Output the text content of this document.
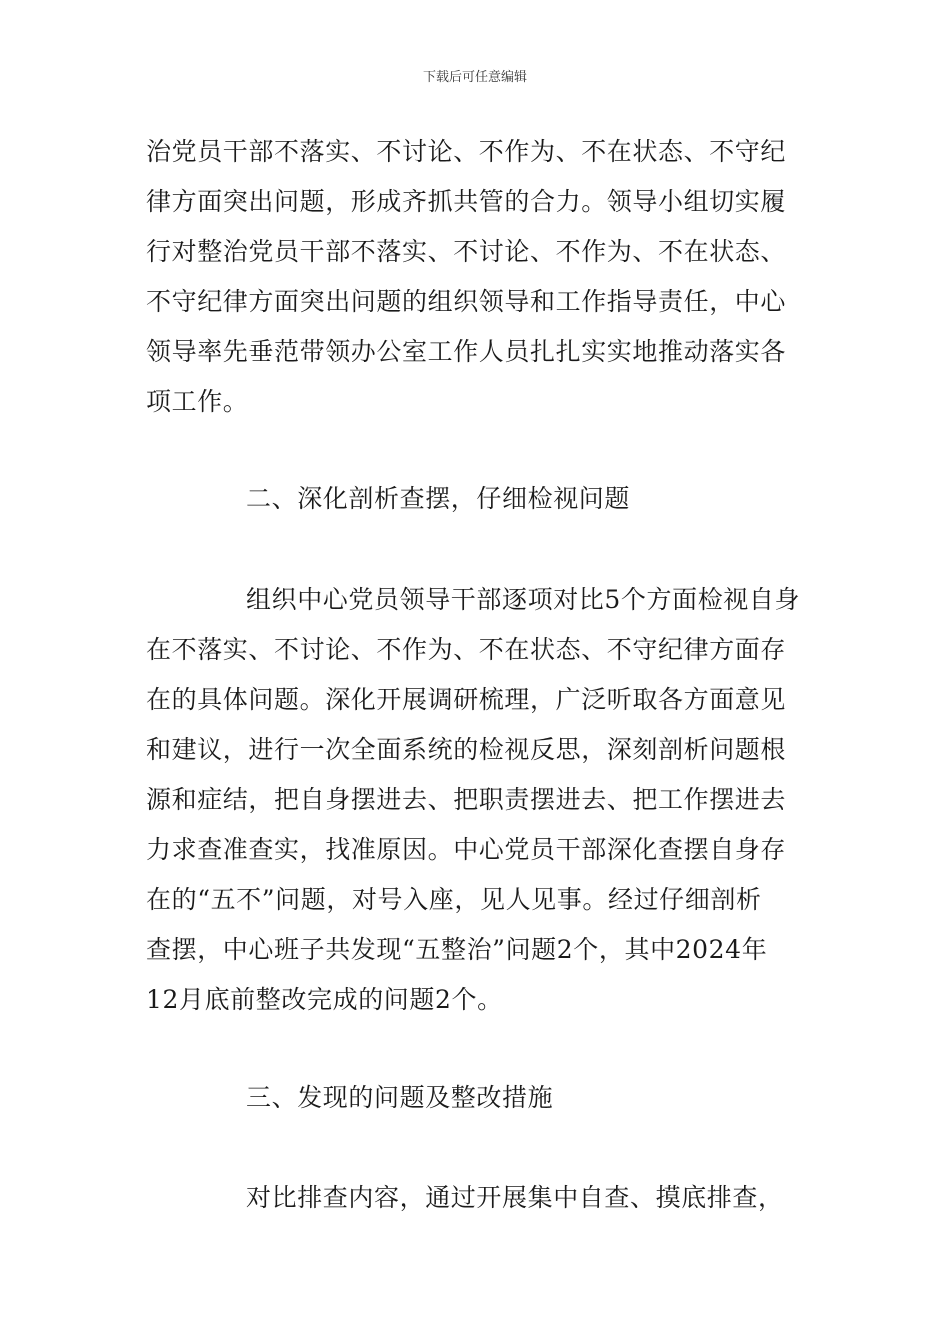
下载后可任意编辑
治党员干部不落实、不讨论、不作为、不在状态、不守纪
律方面突出问题，形成齐抓共管的合力。领导小组切实履
行对整治党员干部不落实、不讨论、不作为、不在状态、
不守纪律方面突出问题的组织领导和工作指导责任，中心
领导率先垂范带领办公室工作人员扎扎实实地推动落实各
项工作。
二、深化剖析查摆，仔细检视问题
组织中心党员领导干部逐项对比5个方面检视自身
在不落实、不讨论、不作为、不在状态、不守纪律方面存
在的具体问题。深化开展调研梳理，广泛听取各方面意见
和建议，进行一次全面系统的检视反思，深刻剖析问题根
源和症结，把自身摆进去、把职责摆进去、把工作摆进去
力求查准查实，找准原因。中心党员干部深化查摆自身存
在的“五不”问题，对号入座，见人见事。经过仔细剖析
查摆，中心班子共发现“五整治”问题2个，其中2024年
12月底前整改完成的问题2个。
三、发现的问题及整改措施
对比排查内容，通过开展集中自查、摸底排查，
